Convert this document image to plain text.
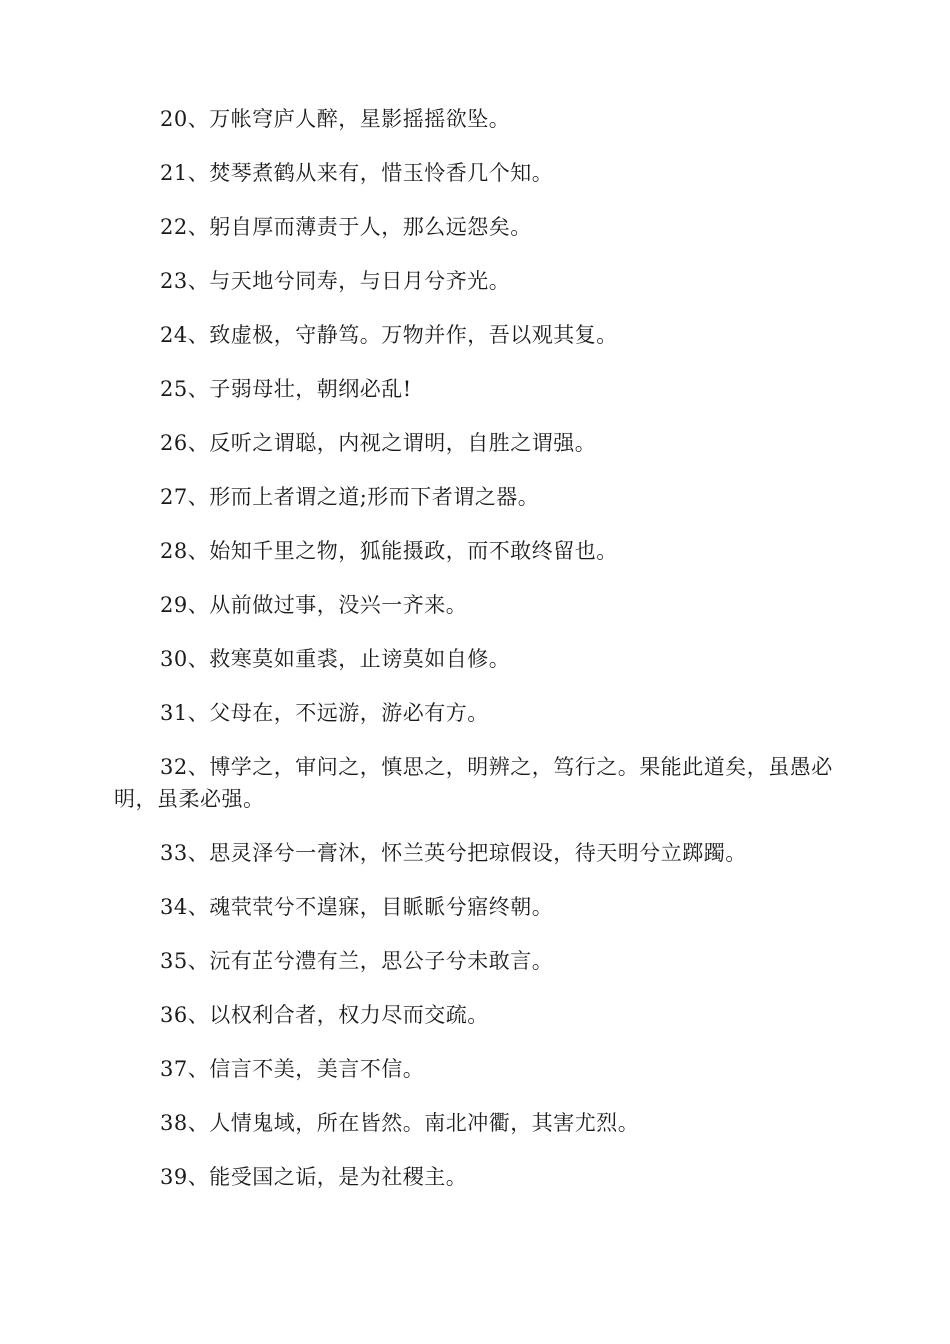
20、万帐穹庐人醉，星影摇摇欲坠。

21、焚琴煮鹤从来有，惜玉怜香几个知。

22、躬自厚而薄责于人，那么远怨矣。

23、与天地兮同寿，与日月兮齐光。

24、致虚极，守静笃。万物并作，吾以观其复。

25、子弱母壮，朝纲必乱!

26、反听之谓聪，内视之谓明，自胜之谓强。

27、形而上者谓之道;形而下者谓之器。

28、始知千里之物，狐能摄政，而不敢终留也。

29、从前做过事，没兴一齐来。

30、救寒莫如重裘，止谤莫如自修。

31、父母在，不远游，游必有方。

32、博学之，审问之，慎思之，明辨之，笃行之。果能此道矣，虽愚必明，虽柔必强。

33、思灵泽兮一膏沐，怀兰英兮把琼假设，待天明兮立踯躅。

34、魂茕茕兮不遑寐，目眽眽兮寤终朝。

35、沅有芷兮澧有兰，思公子兮未敢言。

36、以权利合者，权力尽而交疏。

37、信言不美，美言不信。

38、人情鬼域，所在皆然。南北冲衢，其害尤烈。

39、能受国之诟，是为社稷主。
